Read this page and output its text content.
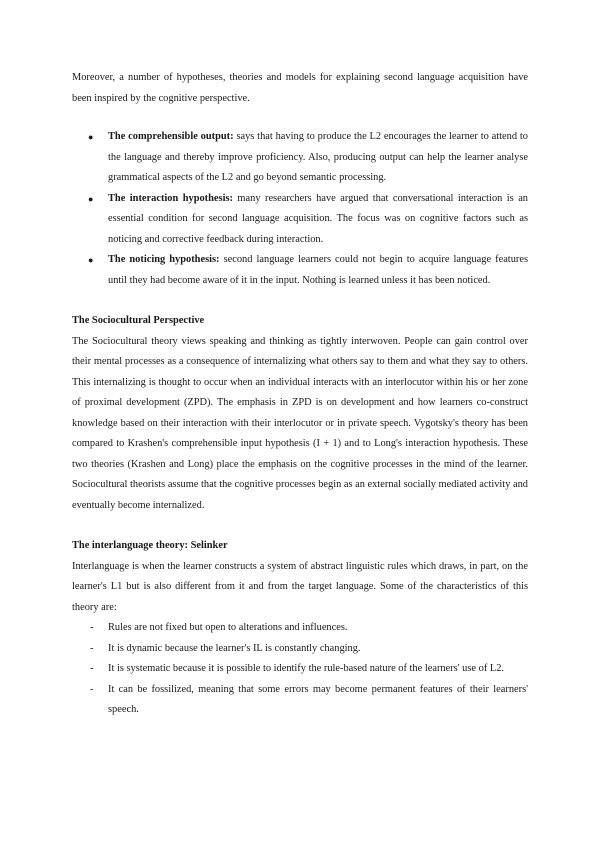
Moreover, a number of hypotheses, theories and models for explaining second language acquisition have been inspired by the cognitive perspective.

● The comprehensible output: says that having to produce the L2 encourages the learner to attend to the language and thereby improve proficiency. Also, producing output can help the learner analyse grammatical aspects of the L2 and go beyond semantic processing.
● The interaction hypothesis: many researchers have argued that conversational interaction is an essential condition for second language acquisition. The focus was on cognitive factors such as noticing and corrective feedback during interaction.
● The noticing hypothesis: second language learners could not begin to acquire language features until they had become aware of it in the input. Nothing is learned unless it has been noticed.

The Sociocultural Perspective

The Sociocultural theory views speaking and thinking as tightly interwoven. People can gain control over their mental processes as a consequence of internalizing what others say to them and what they say to others. This internalizing is thought to occur when an individual interacts with an interlocutor within his or her zone of proximal development (ZPD). The emphasis in ZPD is on development and how learners co-construct knowledge based on their interaction with their interlocutor or in private speech. Vygotsky's theory has been compared to Krashen's comprehensible input hypothesis (I + 1) and to Long's interaction hypothesis. These two theories (Krashen and Long) place the emphasis on the cognitive processes in the mind of the learner. Sociocultural theorists assume that the cognitive processes begin as an external socially mediated activity and eventually become internalized.

The interlanguage theory: Selinker

Interlanguage is when the learner constructs a system of abstract linguistic rules which draws, in part, on the learner's L1 but is also different from it and from the target language. Some of the characteristics of this theory are:

- Rules are not fixed but open to alterations and influences.
- It is dynamic because the learner's IL is constantly changing.
- It is systematic because it is possible to identify the rule-based nature of the learners' use of L2.
- It can be fossilized, meaning that some errors may become permanent features of their learners' speech.
